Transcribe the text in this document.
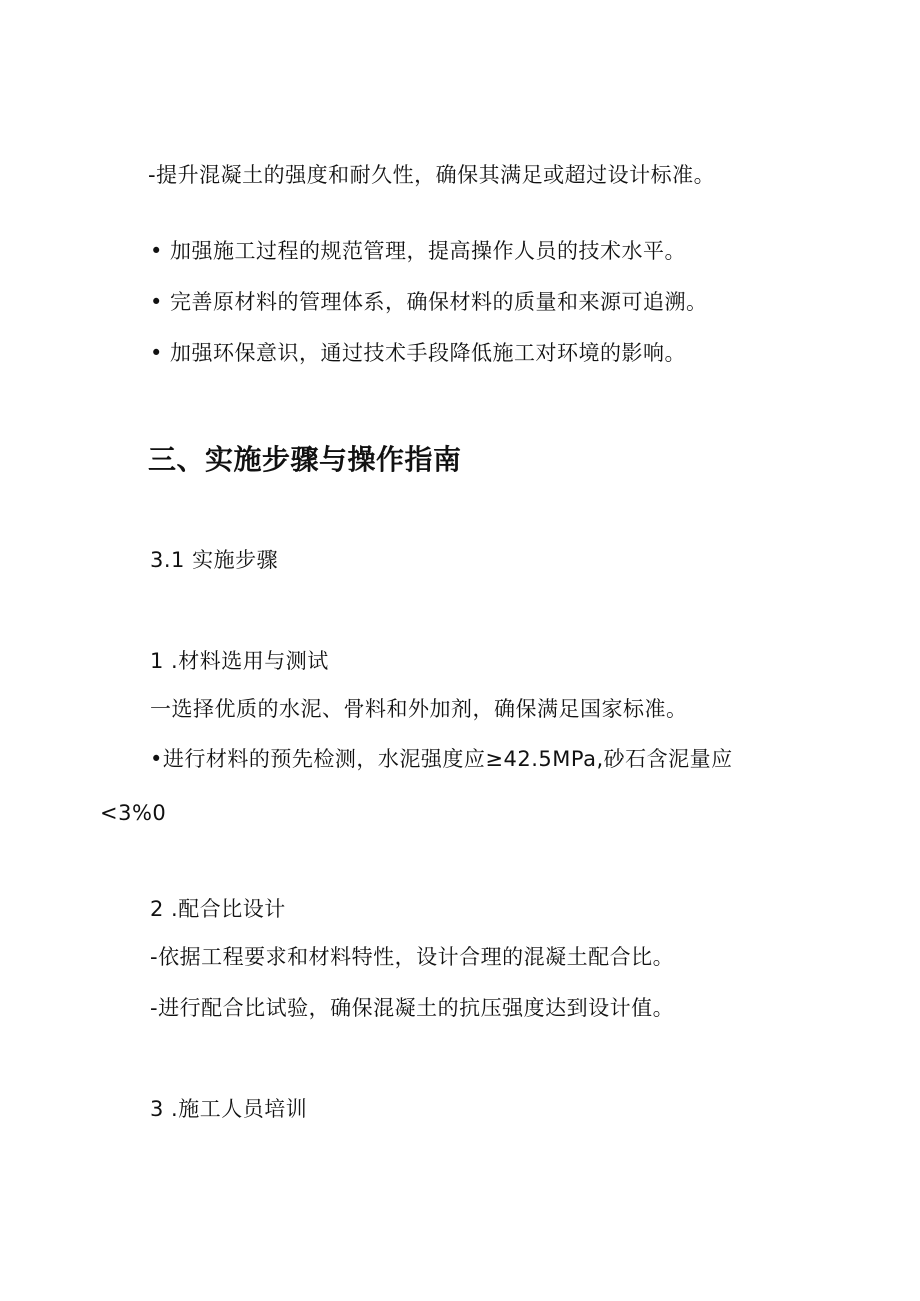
-提升混凝土的强度和耐久性，确保其满足或超过设计标准。
• 加强施工过程的规范管理，提高操作人员的技术水平。
• 完善原材料的管理体系，确保材料的质量和来源可追溯。
• 加强环保意识，通过技术手段降低施工对环境的影响。
三、实施步骤与操作指南
3.1 实施步骤
1 .材料选用与测试
一选择优质的水泥、骨料和外加剂，确保满足国家标准。
•进行材料的预先检测，水泥强度应≥42.5MPa,砂石含泥量应
<3%0
2 .配合比设计
-依据工程要求和材料特性，设计合理的混凝土配合比。
-进行配合比试验，确保混凝土的抗压强度达到设计值。
3 .施工人员培训
